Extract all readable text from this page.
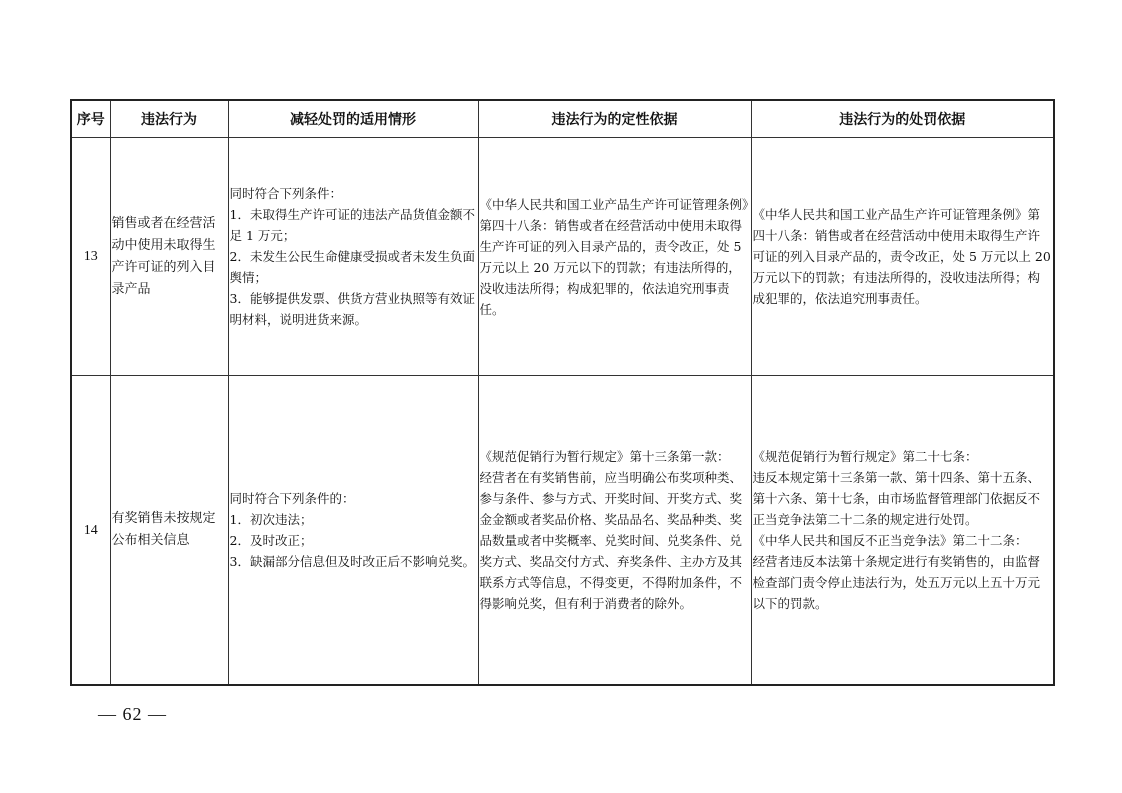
序号	违法行为	减轻处罚的适用情形	违法行为的定性依据	违法行为的处罚依据
13	销售或者在经营活动中使用未取得生产许可证的列入目录产品	同时符合下列条件：
1．未取得生产许可证的违法产品货值金额不足 1 万元；
2．未发生公民生命健康受损或者未发生负面舆情；
3．能够提供发票、供货方营业执照等有效证明材料，说明进货来源。	《中华人民共和国工业产品生产许可证管理条例》第四十八条：销售或者在经营活动中使用未取得生产许可证的列入目录产品的，责令改正，处 5 万元以上 20 万元以下的罚款；有违法所得的，没收违法所得；构成犯罪的，依法追究刑事责任。	《中华人民共和国工业产品生产许可证管理条例》第四十八条：销售或者在经营活动中使用未取得生产许可证的列入目录产品的，责令改正，处 5 万元以上 20 万元以下的罚款；有违法所得的，没收违法所得；构成犯罪的，依法追究刑事责任。
14	有奖销售未按规定公布相关信息	同时符合下列条件的：
1．初次违法；
2．及时改正；
3．缺漏部分信息但及时改正后不影响兑奖。	《规范促销行为暂行规定》第十三条第一款：
经营者在有奖销售前，应当明确公布奖项种类、参与条件、参与方式、开奖时间、开奖方式、奖金金额或者奖品价格、奖品品名、奖品种类、奖品数量或者中奖概率、兑奖时间、兑奖条件、兑奖方式、奖品交付方式、弃奖条件、主办方及其联系方式等信息，不得变更，不得附加条件，不得影响兑奖，但有利于消费者的除外。	《规范促销行为暂行规定》第二十七条：
违反本规定第十三条第一款、第十四条、第十五条、第十六条、第十七条，由市场监督管理部门依据反不正当竞争法第二十二条的规定进行处罚。
《中华人民共和国反不正当竞争法》第二十二条：
经营者违反本法第十条规定进行有奖销售的，由监督检查部门责令停止违法行为，处五万元以上五十万元以下的罚款。
— 62 —
